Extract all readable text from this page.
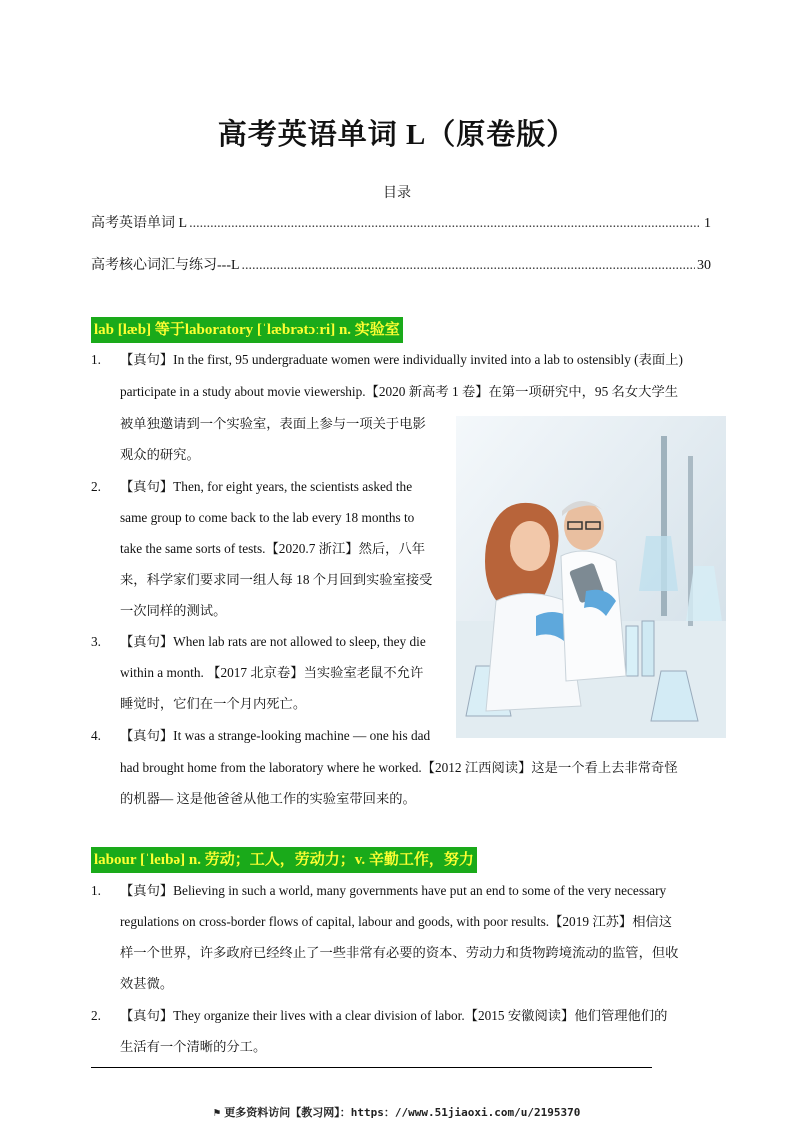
高考英语单词 L（原卷版）
目录
高考英语单词 L .....	1
高考核心词汇与练习---L .....	30
lab [læb] 等于laboratory [ˈlæbrətɔːri] n. 实验室
1. 【真句】In the first, 95 undergraduate women were individually invited into a lab to ostensibly (表面上)
participate in a study about movie viewership.【2020 新高考 1 卷】在第一项研究中，95 名女大学生
被单独邀请到一个实验室，表面上参与一项关于电影
观众的研究。
2. 【真句】Then, for eight years, the scientists asked the
same group to come back to the lab every 18 months to
take the same sorts of tests.【2020.7 浙江】然后，八年
来，科学家们要求同一组人每 18 个月回到实验室接受
一次同样的测试。
3. 【真句】When lab rats are not allowed to sleep, they die
within a month. 【2017 北京卷】当实验室老鼠不允许
睡觉时，它们在一个月内死亡。
4. 【真句】It was a strange-looking machine — one his dad
had brought home from the laboratory where he worked.【2012 江西阅读】这是一个看上去非常奇怪
的机器— 这是他爸爸从他工作的实验室带回来的。
labour [ˈleɪbə] n. 劳动；工人，劳动力；v. 辛勤工作，努力
1. 【真句】Believing in such a world, many governments have put an end to some of the very necessary
regulations on cross-border flows of capital, labour and goods, with poor results.【2019 江苏】相信这
样一个世界，许多政府已经终止了一些非常有必要的资本、劳动力和货物跨境流动的监管，但收
效甚微。
2. 【真句】They organize their lives with a clear division of labor.【2015 安徽阅读】他们管理他们的
生活有一个清晰的分工。
⚑ 更多资料访问【教习网】：https：//www.51jiaoxi.com/u/2195370
